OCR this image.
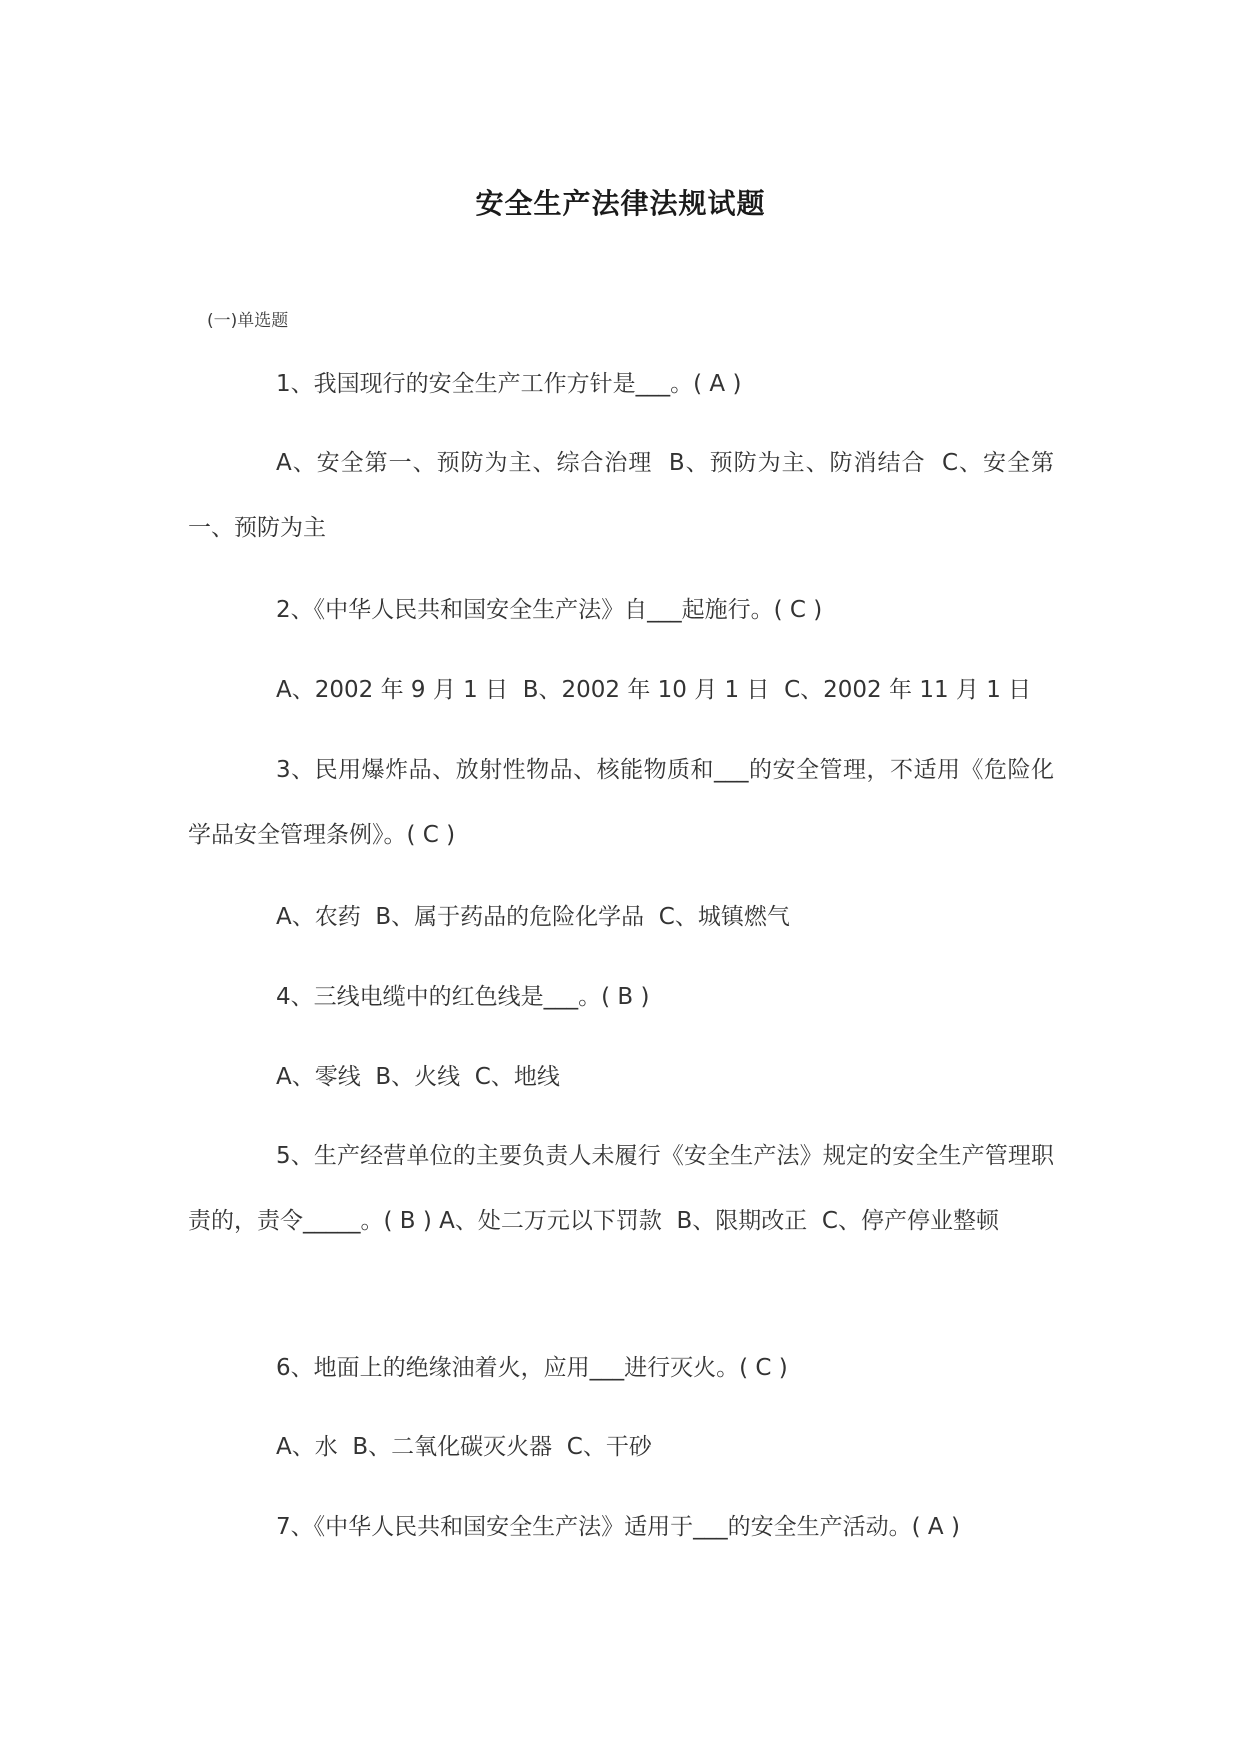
安全生产法律法规试题
(一)单选题
1、我国现行的安全生产工作方针是___。( A )
A、安全第一、预防为主、综合治理  B、预防为主、防消结合  C、安全第一、预防为主
2、《中华人民共和国安全生产法》自___起施行。( C )
A、2002 年 9 月 1 日  B、2002 年 10 月 1 日  C、2002 年 11 月 1 日
3、民用爆炸品、放射性物品、核能物质和___的安全管理，不适用《危险化学品安全管理条例》。( C )
A、农药  B、属于药品的危险化学品  C、城镇燃气
4、三线电缆中的红色线是___。( B )
A、零线  B、火线  C、地线
5、生产经营单位的主要负责人未履行《安全生产法》规定的安全生产管理职责的，责令_____。( B ) A、处二万元以下罚款  B、限期改正  C、停产停业整顿
6、地面上的绝缘油着火，应用___进行灭火。( C )
A、水  B、二氧化碳灭火器  C、干砂
7、《中华人民共和国安全生产法》适用于___的安全生产活动。( A )
